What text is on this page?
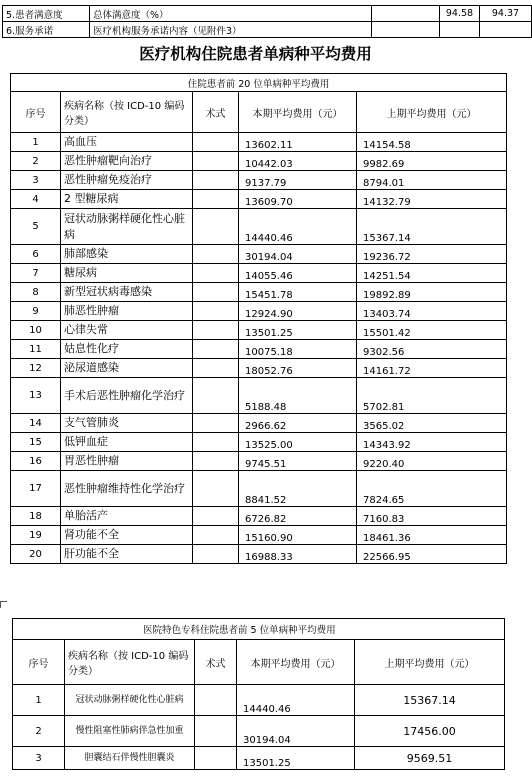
5.患者满意度	总体满意度（%）		94.58	94.37
6.服务承诺	医疗机构服务承诺内容（见附件3）			
医疗机构住院患者单病种平均费用
住院患者前 20 位单病种平均费用				
序号	疾病名称（按 ICD-10 编码分类）	术式	本期平均费用（元）	上期平均费用（元）
1	高血压		13602.11	14154.58
2	恶性肿瘤靶向治疗		10442.03	9982.69
3	恶性肿瘤免疫治疗		9137.79	8794.01
4	2 型糖尿病		13609.70	14132.79
5	冠状动脉粥样硬化性心脏病		14440.46	15367.14
6	肺部感染		30194.04	19236.72
7	糖尿病		14055.46	14251.54
8	新型冠状病毒感染		15451.78	19892.89
9	肺恶性肿瘤		12924.90	13403.74
10	心律失常		13501.25	15501.42
11	姑息性化疗		10075.18	9302.56
12	泌尿道感染		18052.76	14161.72
13	手术后恶性肿瘤化学治疗		5188.48	5702.81
14	支气管肺炎		2966.62	3565.02
15	低钾血症		13525.00	14343.92
16	胃恶性肿瘤		9745.51	9220.40
17	恶性肿瘤维持性化学治疗		8841.52	7824.65
18	单胎活产		6726.82	7160.83
19	肾功能不全		15160.90	18461.36
20	肝功能不全		16988.33	22566.95
医院特色专科住院患者前 5 位单病种平均费用				
序号	疾病名称（按 ICD-10 编码分类）	术式	本期平均费用（元）	上期平均费用（元）
1	冠状动脉粥样硬化性心脏病		14440.46	15367.14
2	慢性阻塞性肺病伴急性加重		30194.04	17456.00
3	胆囊结石伴慢性胆囊炎		13501.25	9569.51
